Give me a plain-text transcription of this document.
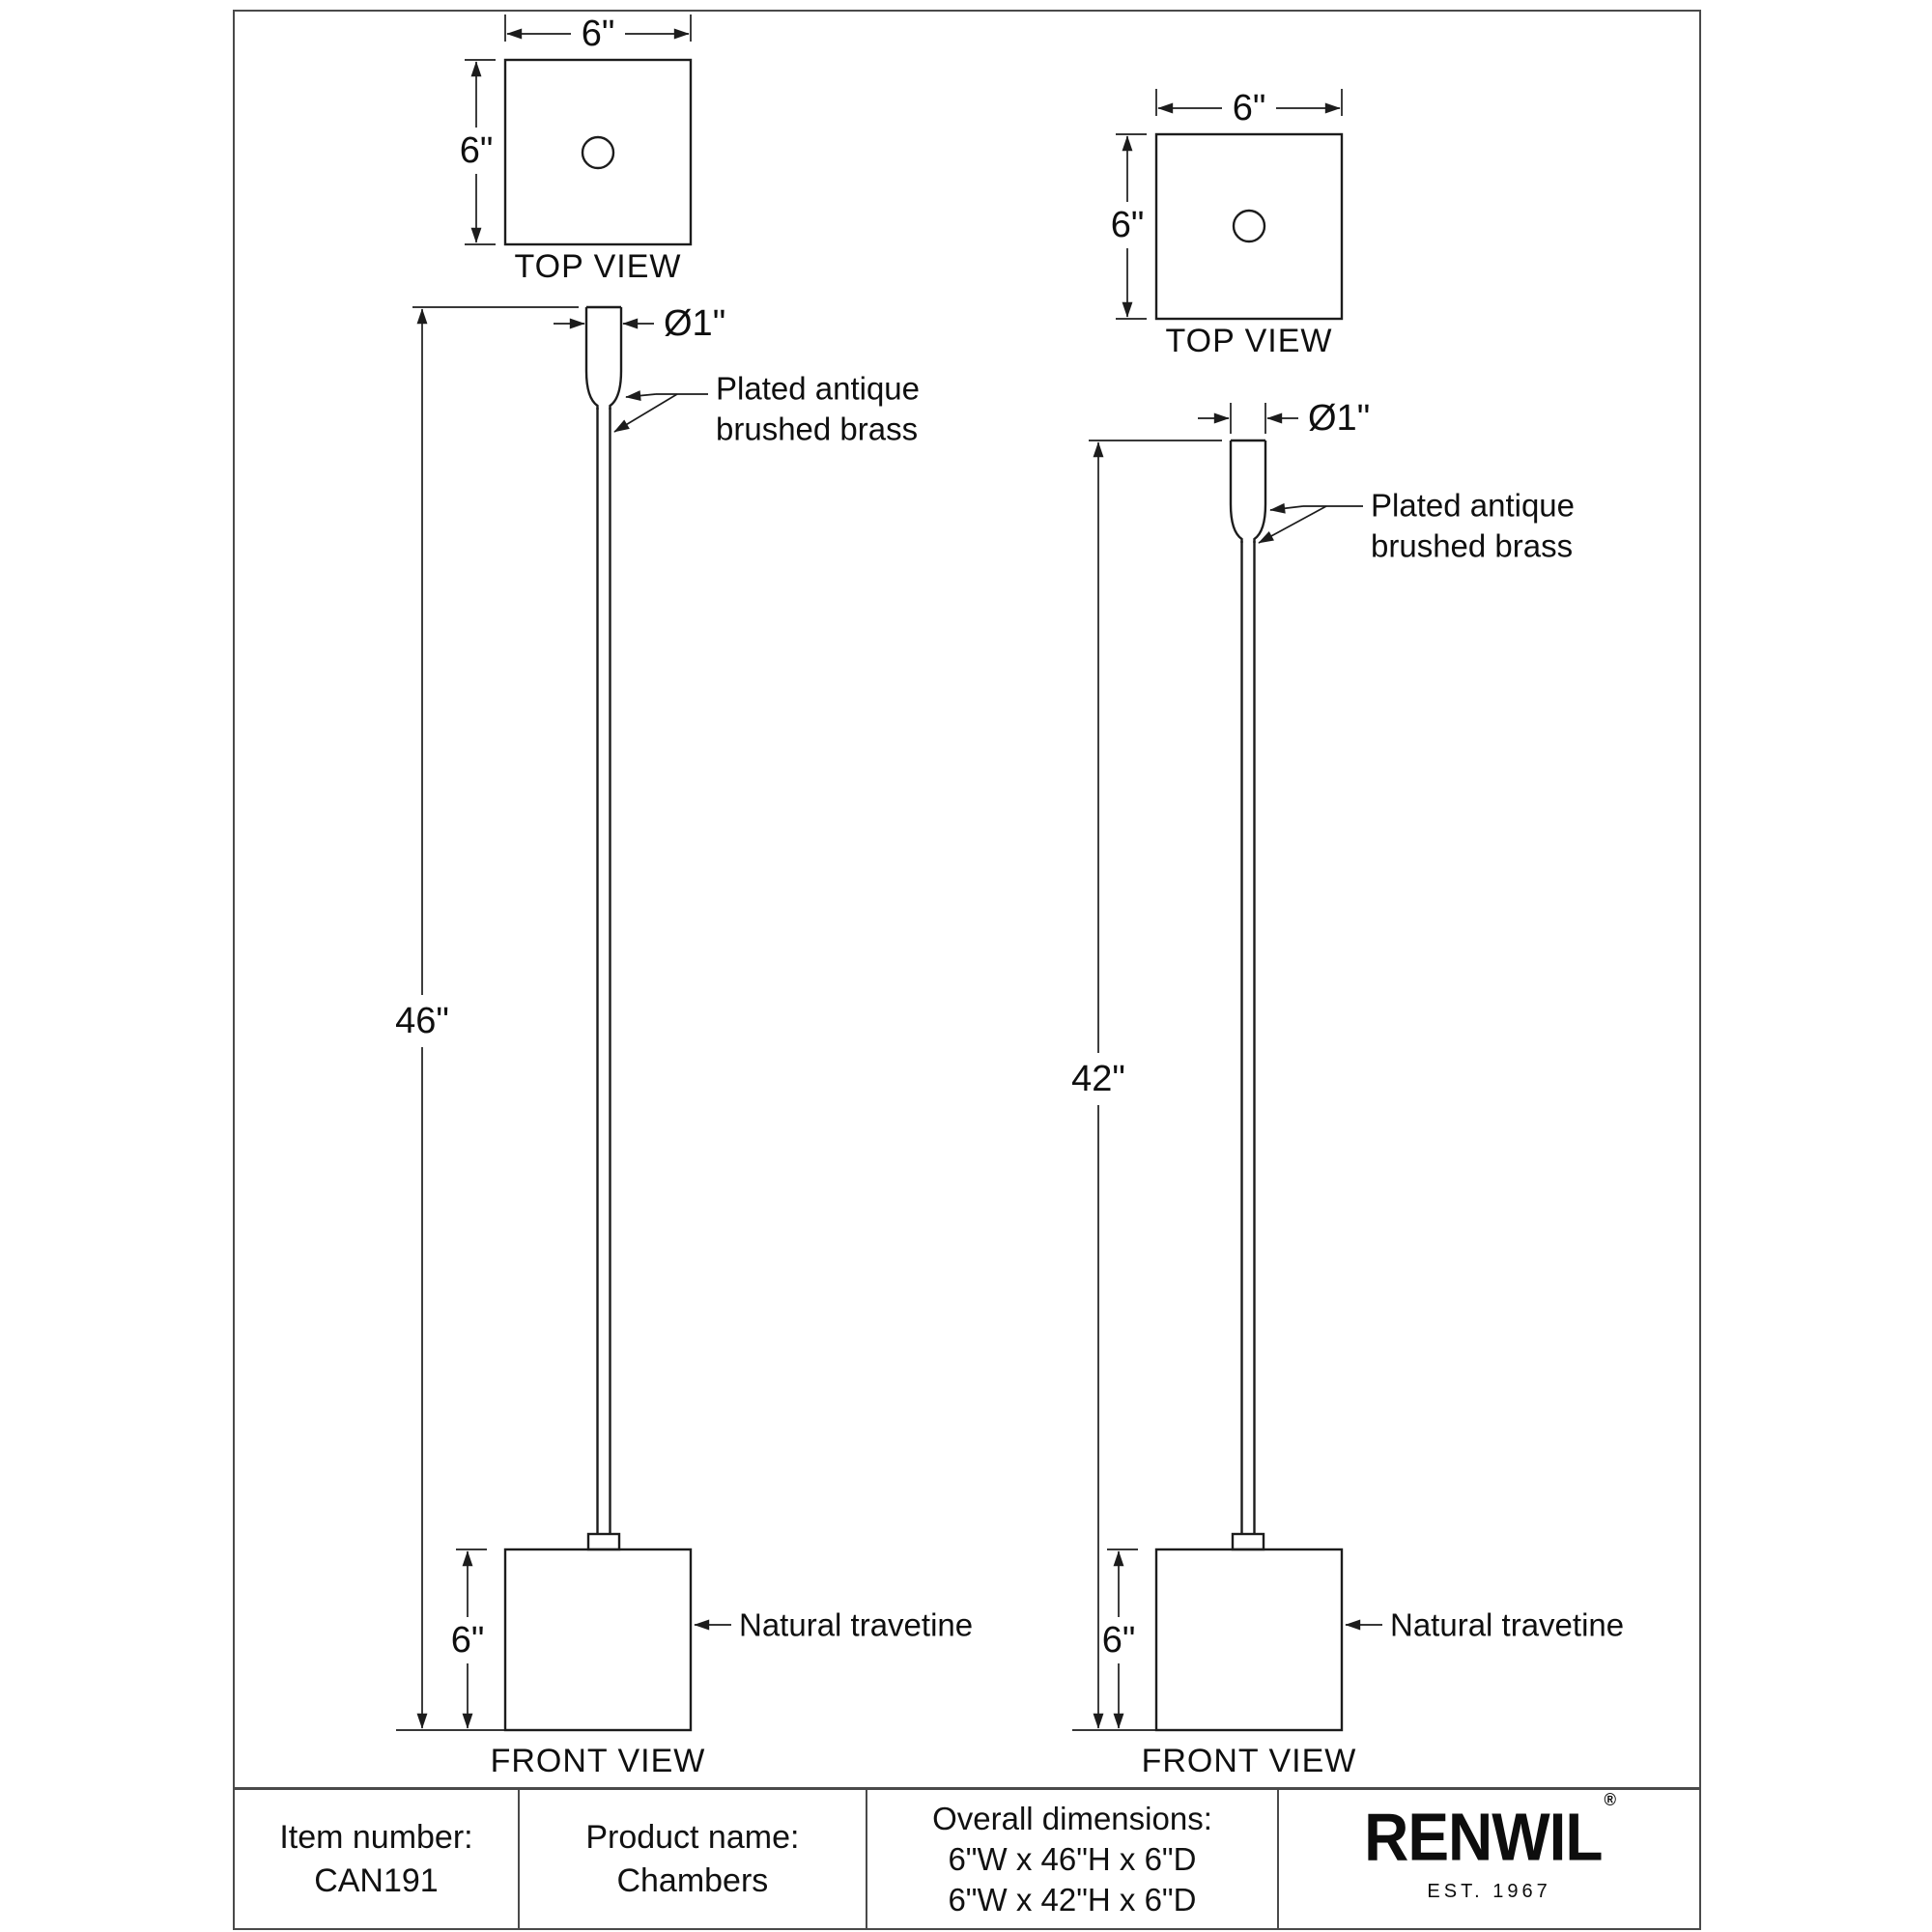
6"
6"
TOP VIEW
46"
Ø1"
Plated antique
brushed brass
6"	Natural travetine
FRONT VIEW
6"
6"
TOP VIEW
42"
Ø1"
Plated antique
brushed brass
6"	Natural travetine
FRONT VIEW
Item number:
CAN191
Product name:
Chambers
Overall dimensions:
6"W x 46"H x 6"D
6"W x 42"H x 6"D
RENWIL ®
EST. 1967
